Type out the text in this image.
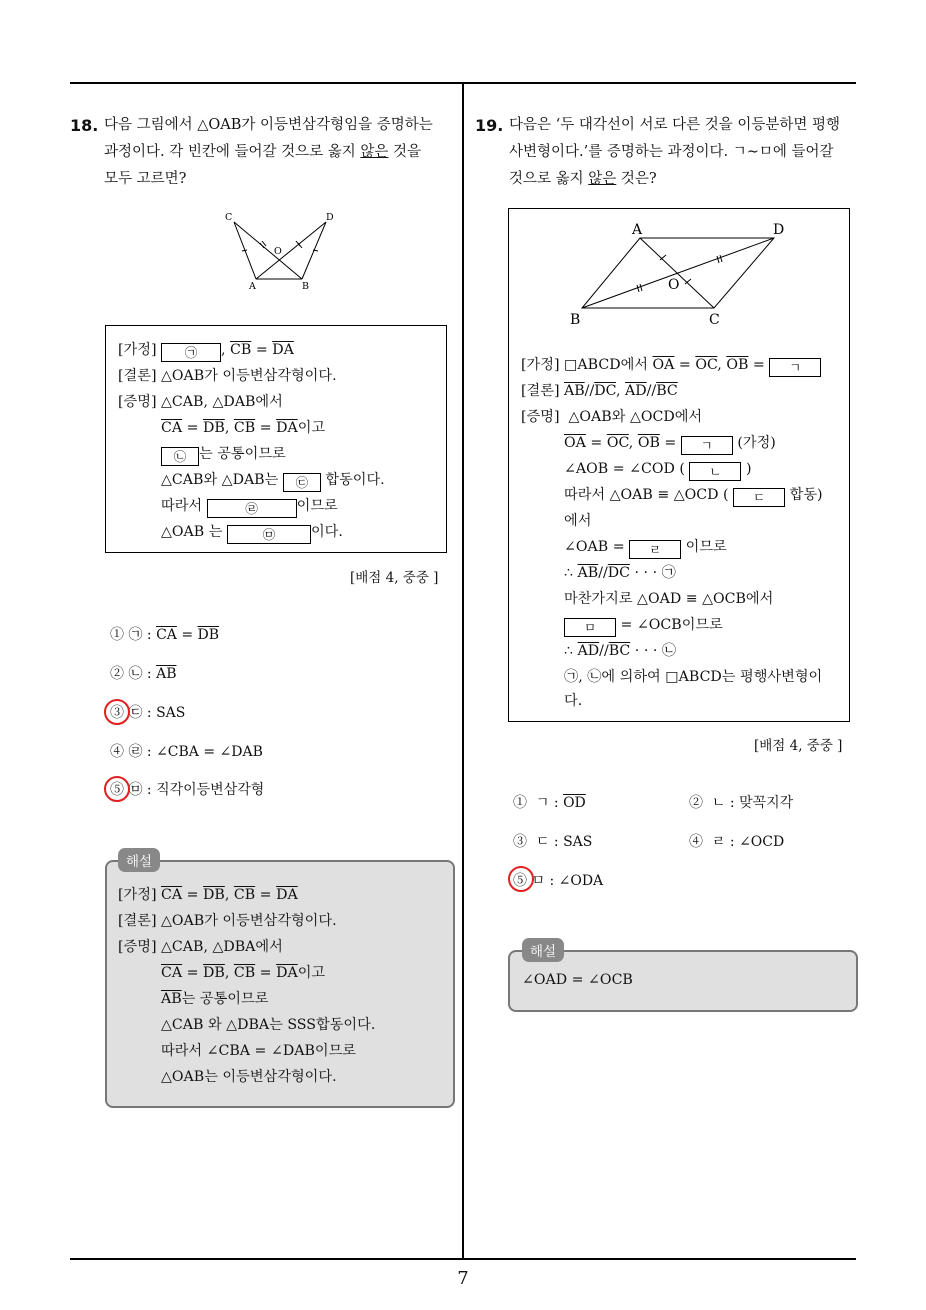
18. 다음 그림에서 △OAB가 이등변삼각형임을 증명하는
과정이다. 각 빈칸에 들어갈 것으로 옳지 않은 것을
모두 고르면?
C	D
O
A	B
[가정] ㉠ , $\overline{CB} = \overline{DA}$
[결론] △OAB가 이등변삼각형이다.
[증명] △CAB, △DAB에서
$\overline{CA} = \overline{DB}$, $\overline{CB} = \overline{DA}$이고
㉡ 는 공통이므로
△CAB와 △DAB는 ㉢ 합동이다.
따라서	㉣	이므로
△OAB 는	㉤	이다.
[배점 4, 중중 ]
① ㉠ : $\overline{CA} = \overline{DB}$
② ㉡ : $\overline{AB}$
③ ㉢ : SAS
④ ㉣ : ∠CBA = ∠DAB
⑤ ㉤ : 직각이등변삼각형
해설
[가정] $\overline{CA} = \overline{DB}$, $\overline{CB} = \overline{DA}$
[결론] △OAB가 이등변삼각형이다.
[증명] △CAB, △DBA에서
$\overline{CA} = \overline{DB}$, $\overline{CB} = \overline{DA}$이고
$\overline{AB}$는 공통이므로
△CAB 와 △DBA는 SSS합동이다.
따라서 ∠CBA = ∠DAB이므로
△OAB는 이등변삼각형이다.
19. 다음은 ‘두 대각선이 서로 다른 것을 이등분하면 평행
사변형이다.’를 증명하는 과정이다. ㄱ∼ㅁ에 들어갈
것으로 옳지 않은 것은?
A	D
O
B	C
[가정] □ABCD에서 $\overline{OA} = \overline{OC}$, $\overline{OB}$ = ㄱ
[결론] $\overline{AB}//\overline{DC}$, $\overline{AD}//\overline{BC}$
[증명] △OAB와 △OCD에서
$\overline{OA} = \overline{OC}$, $\overline{OB}$ = ㄱ (가정)
∠AOB = ∠COD ( ㄴ )
따라서 △OAB ≡ △OCD ( ㄷ 합동)
에서
∠OAB = ㄹ 이므로
∴ $\overline{AB}//\overline{DC}$ · · · ㉠
마찬가지로 △OAD ≡ △OCB에서
ㅁ = ∠OCB이므로
∴ $\overline{AD}//\overline{BC}$ · · · ㉡
㉠, ㉡에 의하여 □ABCD는 평행사변형이
다.
[배점 4, 중중 ]
① ㄱ : $\overline{OD}$	② ㄴ : 맞꼭지각
③ ㄷ : SAS	④ ㄹ : ∠OCD
⑤ ㅁ : ∠ODA
해설
∠OAD = ∠OCB
7
